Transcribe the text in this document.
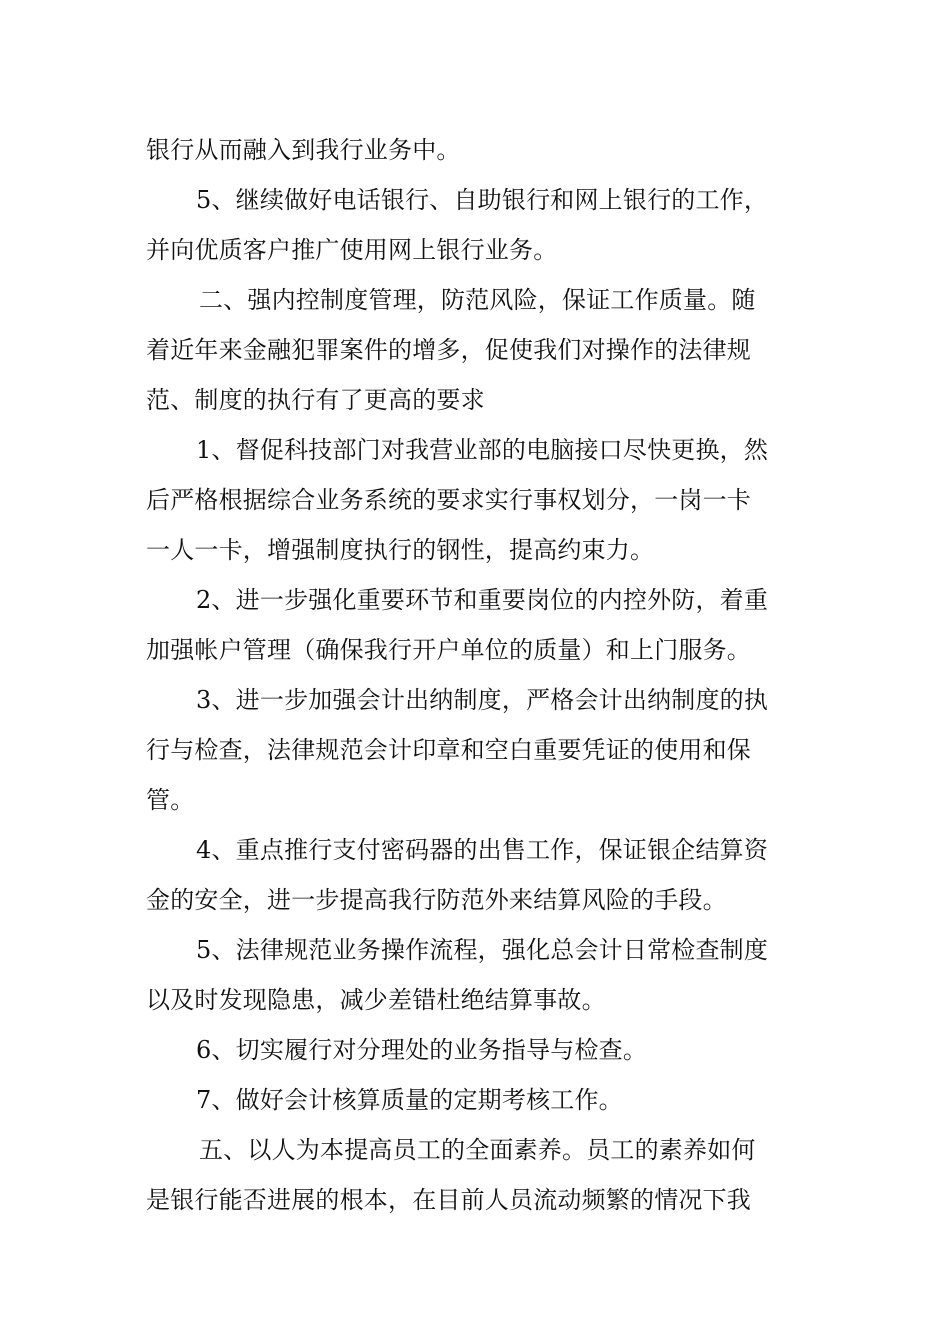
银行从而融入到我行业务中。
5、继续做好电话银行、自助银行和网上银行的工作，
并向优质客户推广使用网上银行业务。
二、强内控制度管理，防范风险，保证工作质量。随
着近年来金融犯罪案件的增多，促使我们对操作的法律规
范、制度的执行有了更高的要求
1、督促科技部门对我营业部的电脑接口尽快更换，然
后严格根据综合业务系统的要求实行事权划分，一岗一卡
一人一卡，增强制度执行的钢性，提高约束力。
2、进一步强化重要环节和重要岗位的内控外防，着重
加强帐户管理（确保我行开户单位的质量）和上门服务。
3、进一步加强会计出纳制度，严格会计出纳制度的执
行与检查，法律规范会计印章和空白重要凭证的使用和保
管。
4、重点推行支付密码器的出售工作，保证银企结算资
金的安全，进一步提高我行防范外来结算风险的手段。
5、法律规范业务操作流程，强化总会计日常检查制度
以及时发现隐患，减少差错杜绝结算事故。
6、切实履行对分理处的业务指导与检查。
7、做好会计核算质量的定期考核工作。
五、以人为本提高员工的全面素养。员工的素养如何
是银行能否进展的根本，在目前人员流动频繁的情况下我
